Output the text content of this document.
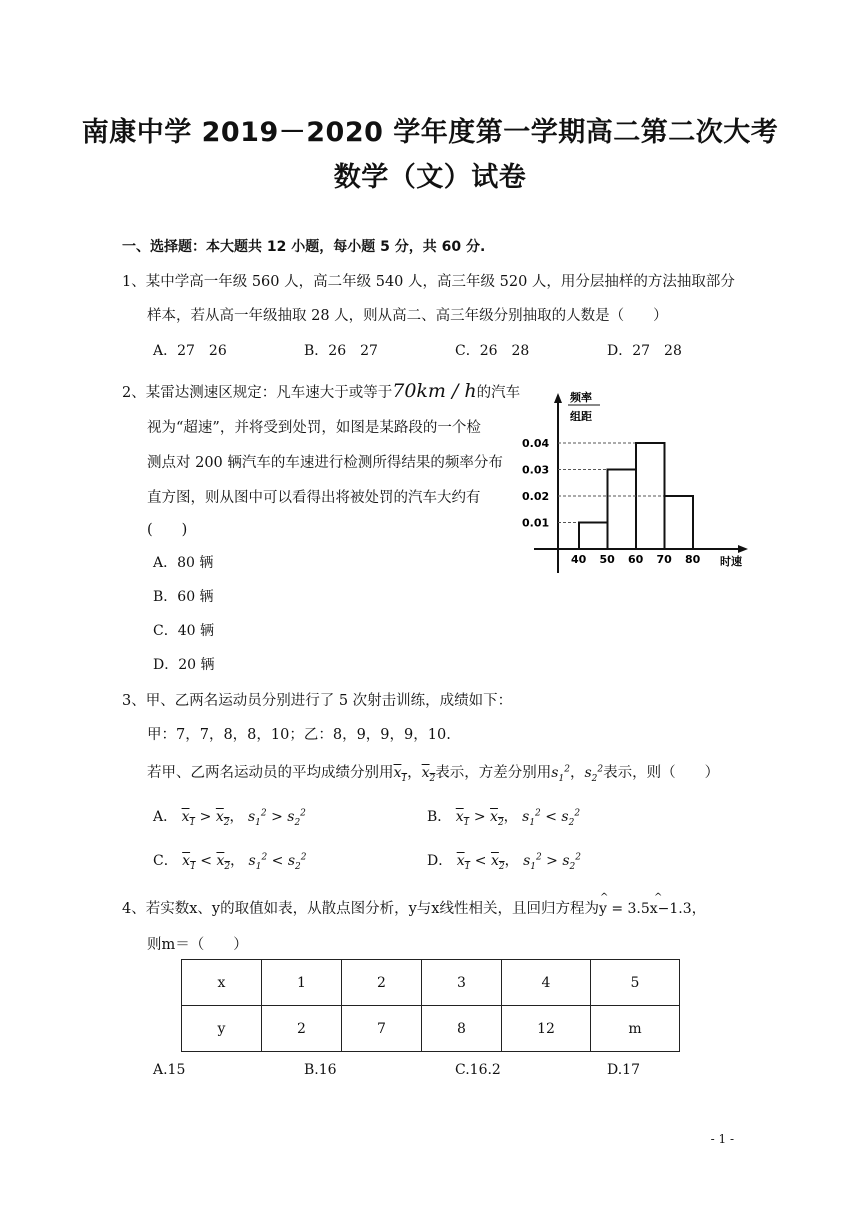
南康中学 2019－2020 学年度第一学期高二第二次大考
数学（文）试卷
一、选择题：本大题共 12 小题，每小题 5 分，共 60 分.
1、某中学高一年级 560 人，高二年级 540 人，高三年级 520 人，用分层抽样的方法抽取部分
样本，若从高一年级抽取 28 人，则从高二、高三年级分别抽取的人数是（　　）
A．27　26	B．26　27	C．26　28	D．27　28
2、某雷达测速区规定：凡车速大于或等于70km / h的汽车
视为“超速”，并将受到处罚，如图是某路段的一个检
测点对 200 辆汽车的车速进行检测所得结果的频率分布
直方图，则从图中可以看得出将被处罚的汽车大约有
(　　)
A．80 辆
B．60 辆
C．40 辆
D．20 辆
0.04
0.03
0.02
0.01
40 50 60 70 80
频率
组距
时速
3、甲、乙两名运动员分别进行了 5 次射击训练，成绩如下：
甲：7，7，8，8，10；乙：8，9，9，9，10.
若甲、乙两名运动员的平均成绩分别用$x_1$，$x_2$表示，方差分别用$s_1^2$，$s_2^2$表示，则（　　）
A． $x_1 > x_2$， $s_1^2 > s_2^2$	B． $x_1 > x_2$， $s_1^2 < s_2^2$
C． $x_1 < x_2$， $s_1^2 < s_2^2$	D． $x_1 < x_2$， $s_1^2 > s_2^2$
4、若实数x、y的取值如表，从散点图分析，y与x线性相关，且回归方程为y = 3.5x−1.3
^	^
，
则m＝（　　）
x	1	2	3	4	5
y	2	7	8	12	m
A.15	B.16	C.16.2	D.17
- 1 -
